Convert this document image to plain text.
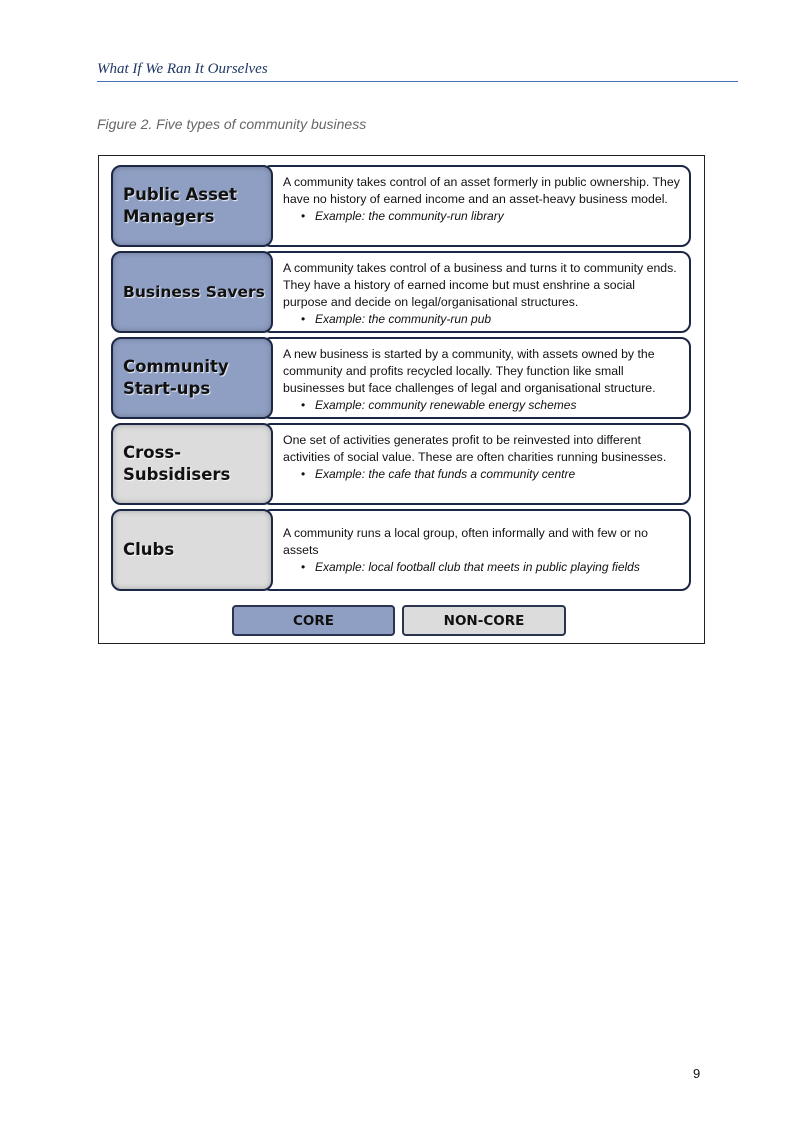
What If We Ran It Ourselves
Figure 2. Five types of community business
A community takes control of an asset formerly in public ownership. They have no history of earned income and an asset-heavy business model.
• Example: the community-run library
Public Asset Managers
A community takes control of a business and turns it to community ends. They have a history of earned income but must enshrine a social purpose and decide on legal/organisational structures.
• Example: the community-run pub
Business Savers
A new business is started by a community, with assets owned by the community and profits recycled locally. They function like small businesses but face challenges of legal and organisational structure.
• Example: community renewable energy schemes
Community Start-ups
One set of activities generates profit to be reinvested into different activities of social value. These are often charities running businesses.
• Example: the cafe that funds a community centre
Cross-Subsidisers
A community runs a local group, often informally and with few or no assets
• Example: local football club that meets in public playing fields
Clubs
CORE	NON-CORE
9
